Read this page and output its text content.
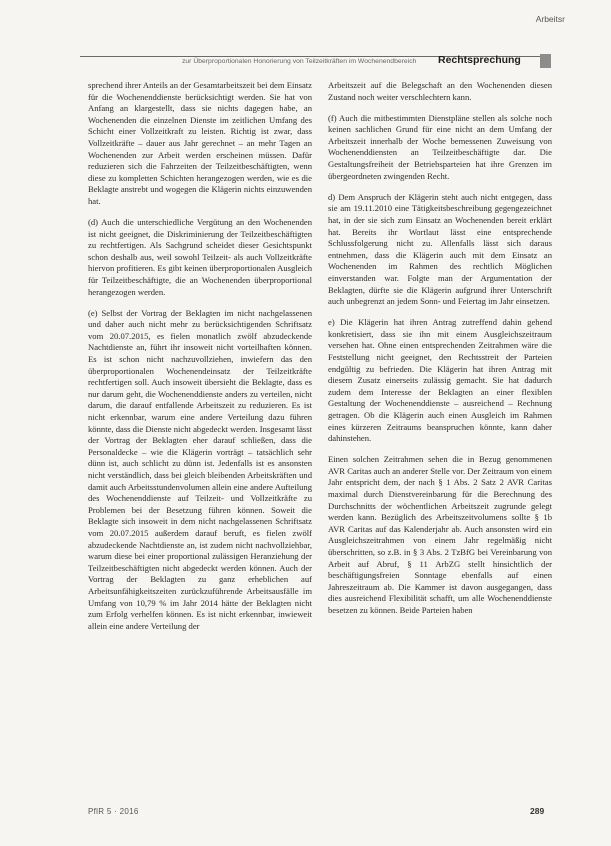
Arbeitsr
zur Überproportionalen Honorierung von Teilzeitkräften im Wochenendbereich Rechtsprechung

sprechend ihrer Anteils an der Gesamtarbeitszeit bei dem Einsatz für die Wochenenddienste berücksichtigt werden. Sie hat von Anfang an klargestellt, dass sie nichts dagegen habe, an Wochenenden die einzelnen Dienste im zeitlichen Umfang des Schicht einer Vollzeitkraft zu leisten. Richtig ist zwar, dass Vollzeitkräfte – dauer aus Jahr gerechnet – an mehr Tagen an Wochenenden zur Arbeit werden erscheinen müssen. Dafür reduzieren sich die Fahrzeiten der Teilzeitbeschäftigten, wenn diese zu kompletten Schichten herangezogen werden, wie es die Beklagte anstrebt und wogegen die Klägerin nichts einzuwenden hat.

(d) Auch die unterschiedliche Vergütung an den Wochenenden ist nicht geeignet, die Diskriminierung der Teilzeitbeschäftigten zu rechtfertigen. Als Sachgrund scheidet dieser Gesichtspunkt schon deshalb aus, weil sowohl Teilzeit- als auch Vollzeitkräfte hiervon profitieren. Es gibt keinen überproportionalen Ausgleich für Teilzeitbeschäftigte, die an Wochenenden überproportional herangezogen werden.

(e) Selbst der Vortrag der Beklagten im nicht nachgelassenen und daher auch nicht mehr zu berücksichtigenden Schriftsatz vom 20.07.2015, es fielen monatlich zwölf abzudeckende Nachtdienste an, führt ihr insoweit nicht vorteilhaften können. Es ist schon nicht nachzuvollziehen, inwiefern das den überproportionalen Wochenendeinsatz der Teilzeitkräfte rechtfertigen soll. Auch insoweit übersieht die Beklagte, dass es nur darum geht, die Wochenenddienste anders zu verteilen, nicht darum, die darauf entfallende Arbeitszeit zu reduzieren. Es ist nicht erkennbar, warum eine andere Verteilung dazu führen könnte, dass die Dienste nicht abgedeckt werden. Insgesamt lässt der Vortrag der Beklagten eher darauf schließen, dass die Personaldecke – wie die Klägerin vorträgt – tatsächlich sehr dünn ist, auch schlicht zu dünn ist. Jedenfalls ist es ansonsten nicht verständlich, dass bei gleich bleibenden Arbeitskräften und damit auch Arbeitsstundenvolumen allein eine andere Aufteilung des Wochenenddienste auf Teilzeit- und Vollzeitkräfte zu Problemen bei der Besetzung führen können. Soweit die Beklagte sich insoweit in dem nicht nachgelassenen Schriftsatz vom 20.07.2015 außerdem darauf beruft, es fielen zwölf abzudeckende Nachtdienste an, ist zudem nicht nachvollziehbar, warum diese bei einer proportional zulässigen Heranziehung der Teilzeitbeschäftigten nicht abgedeckt werden können. Auch der Vortrag der Beklagten zu ganz erheblichen auf Arbeitsunfähigkeitszeiten zurückzuführende Arbeitsausfälle im Umfang von 10,79 % im Jahr 2014 hätte der Beklagten nicht zum Erfolg verhelfen können. Es ist nicht erkennbar, inwieweit allein eine andere Verteilung der

Arbeitszeit auf die Belegschaft an den Wochenenden diesen Zustand noch weiter verschlechtern kann.

(f) Auch die mitbestimmten Dienstpläne stellen als solche noch keinen sachlichen Grund für eine nicht an dem Umfang der Arbeitszeit innerhalb der Woche bemessenen Zuweisung von Wochenenddiensten an Teilzeitbeschäftigte dar. Die Gestaltungsfreiheit der Betriebsparteien hat ihre Grenzen im übergeordneten zwingenden Recht.

d) Dem Anspruch der Klägerin steht auch nicht entgegen, dass sie am 19.11.2010 eine Tätigkeitsbeschreibung gegengezeichnet hat, in der sie sich zum Einsatz an Wochenenden bereit erklärt hat. Bereits ihr Wortlaut lässt eine entsprechende Schlussfolgerung nicht zu. Allenfalls lässt sich daraus entnehmen, dass die Klägerin auch mit dem Einsatz an Wochenenden im Rahmen des rechtlich Möglichen einverstanden war. Folgte man der Argumentation der Beklagten, dürfte sie die Klägerin aufgrund ihrer Unterschrift auch unbegrenzt an jedem Sonn- und Feiertag im Jahr einsetzen.

e) Die Klägerin hat ihren Antrag zutreffend dahin gehend konkretisiert, dass sie ihn mit einem Ausgleichszeitraum versehen hat. Ohne einen entsprechenden Zeitrahmen wäre die Feststellung nicht geeignet, den Rechtsstreit der Parteien endgültig zu befrieden. Die Klägerin hat ihren Antrag mit diesem Zusatz einerseits zulässig gemacht. Sie hat dadurch zudem dem Interesse der Beklagten an einer flexiblen Gestaltung der Wochenenddienste – ausreichend – Rechnung getragen. Ob die Klägerin auch einen Ausgleich im Rahmen eines kürzeren Zeitraums beanspruchen könnte, kann daher dahinstehen.

Einen solchen Zeitrahmen sehen die in Bezug genommenen AVR Caritas auch an anderer Stelle vor. Der Zeitraum von einem Jahr entspricht dem, der nach § 1 Abs. 2 Satz 2 AVR Caritas maximal durch Dienstvereinbarung für die Berechnung des Durchschnitts der wöchentlichen Arbeitszeit zugrunde gelegt werden kann. Bezüglich des Arbeitszeitvolumens sollte § 1b AVR Caritas auf das Kalenderjahr ab. Auch ansonsten wird ein Ausgleichszeitrahmen von einem Jahr regelmäßig nicht überschritten, so z.B. in § 3 Abs. 2 TzBfG bei Vereinbarung von Arbeit auf Abruf, § 11 ArbZG stellt hinsichtlich der beschäftigungsfreien Sonntage ebenfalls auf einen Jahreszeitraum ab. Die Kammer ist davon ausgegangen, dass dies ausreichend Flexibilität schafft, um alle Wochenenddienste besetzen zu können. Beide Parteien haben

PflR 5 · 2016	289
